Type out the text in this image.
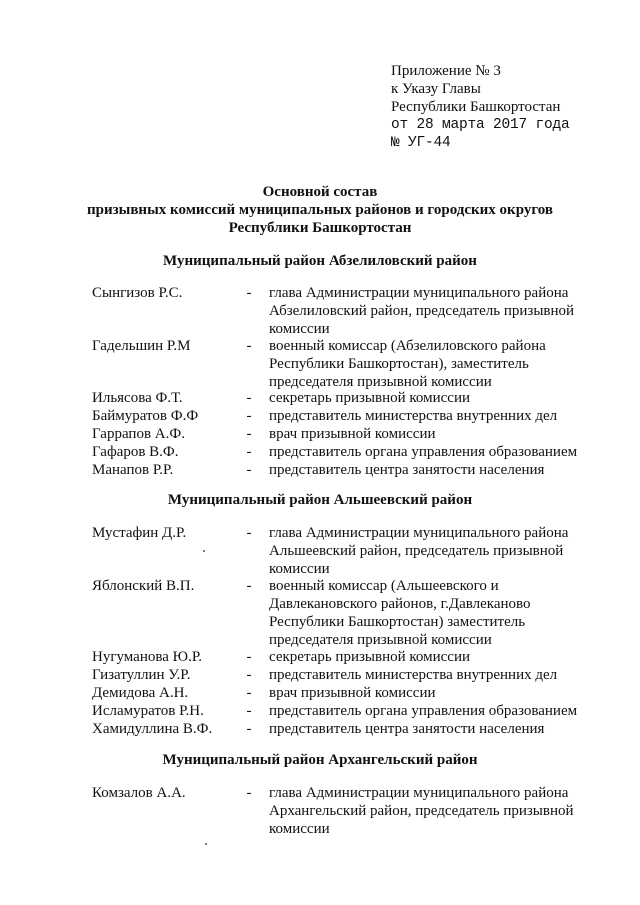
Приложение № 3
к Указу Главы
Республики Башкортостан
от 28 марта 2017 года
№ УГ-44
Основной состав
призывных комиссий муниципальных районов и городских округов
Республики Башкортостан
Муниципальный район Абзелиловский район
Сынгизов Р.С.	- глава Администрации муниципального района
Абзелиловский район, председатель призывной
комиссии
Гадельшин Р.М	- военный комиссар (Абзелиловского района
Республики Башкортостан), заместитель
председателя призывной комиссии
Ильясова Ф.Т.	- секретарь призывной комиссии
Баймуратов Ф.Ф	- представитель министерства внутренних дел
Гаррапов А.Ф.	- врач призывной комиссии
Гафаров В.Ф.	- представитель органа управления образованием
Манапов Р.Р.	- представитель центра занятости населения
Муниципальный район Альшеевский район
Мустафин Д.Р.	- глава Администрации муниципального района
Альшеевский район, председатель призывной
комиссии
Яблонский В.П.	- военный комиссар (Альшеевского и
Давлекановского районов, г.Давлеканово
Республики Башкортостан) заместитель
председателя призывной комиссии
Нугуманова Ю.Р.	- секретарь призывной комиссии
Гизатуллин У.Р.	- представитель министерства внутренних дел
Демидова А.Н.	- врач призывной комиссии
Исламуратов Р.Н.	- представитель органа управления образованием
Хамидуллина В.Ф.	- представитель центра занятости населения
Муниципальный район Архангельский район
Комзалов А.А.	- глава Администрации муниципального района
Архангельский район, председатель призывной
комиссии
